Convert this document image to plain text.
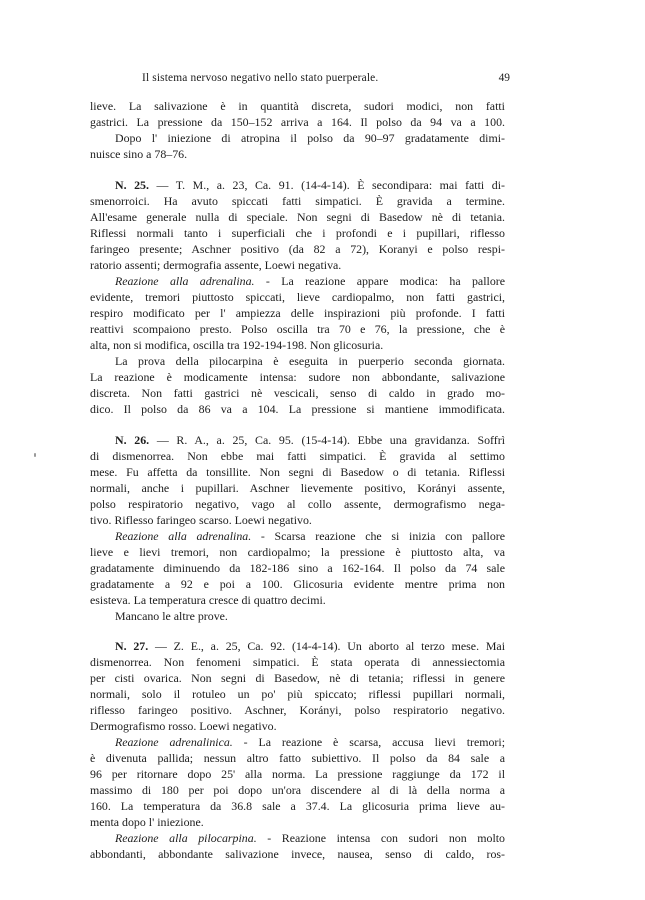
Il sistema nervoso negativo nello stato puerperale.	49
lieve. La salivazione è in quantità discreta, sudori modici, non fatti
gastrici. La pressione da 150–152 arriva a 164. Il polso da 94 va a 100.
Dopo l' iniezione di atropina il polso da 90–97 gradatamente dimi-
nuisce sino a 78–76.
N. 25. — T. M., a. 23, Ca. 91. (14-4-14). È secondipara: mai fatti di-
smenorroici. Ha avuto spiccati fatti simpatici. È gravida a termine.
All'esame generale nulla di speciale. Non segni di Basedow nè di tetania.
Riflessi normali tanto i superficiali che i profondi e i pupillari, riflesso
faringeo presente; Aschner positivo (da 82 a 72), Koranyi e polso respi-
ratorio assenti; dermografia assente, Loewi negativa.
Reazione alla adrenalina. - La reazione appare modica: ha pallore
evidente, tremori piuttosto spiccati, lieve cardiopalmo, non fatti gastrici,
respiro modificato per l' ampiezza delle inspirazioni più profonde. I fatti
reattivi scompaiono presto. Polso oscilla tra 70 e 76, la pressione, che è
alta, non si modifica, oscilla tra 192-194-198. Non glicosuria.
La prova della pilocarpina è eseguita in puerperio seconda giornata.
La reazione è modicamente intensa: sudore non abbondante, salivazione
discreta. Non fatti gastrici nè vescicali, senso di caldo in grado mo-
dico. Il polso da 86 va a 104. La pressione si mantiene immodificata.
N. 26. — R. A., a. 25, Ca. 95. (15-4-14). Ebbe una gravidanza. Soffrì
di dismenorrea. Non ebbe mai fatti simpatici. È gravida al settimo
mese. Fu affetta da tonsillite. Non segni di Basedow o di tetania. Riflessi
normali, anche i pupillari. Aschner lievemente positivo, Korányi assente,
polso respiratorio negativo, vago al collo assente, dermografismo nega-
tivo. Riflesso faringeo scarso. Loewi negativo.
Reazione alla adrenalina. - Scarsa reazione che si inizia con pallore
lieve e lievi tremori, non cardiopalmo; la pressione è piuttosto alta, va
gradatamente diminuendo da 182-186 sino a 162-164. Il polso da 74 sale
gradatamente a 92 e poi a 100. Glicosuria evidente mentre prima non
esisteva. La temperatura cresce di quattro decimi.
Mancano le altre prove.
N. 27. — Z. E., a. 25, Ca. 92. (14-4-14). Un aborto al terzo mese. Mai
dismenorrea. Non fenomeni simpatici. È stata operata di annessiectomia
per cisti ovarica. Non segni di Basedow, nè di tetania; riflessi in genere
normali, solo il rotuleo un po' più spiccato; riflessi pupillari normali,
riflesso faringeo positivo. Aschner, Korányi, polso respiratorio negativo.
Dermografismo rosso. Loewi negativo.
Reazione adrenalinica. - La reazione è scarsa, accusa lievi tremori;
è divenuta pallida; nessun altro fatto subiettivo. Il polso da 84 sale a
96 per ritornare dopo 25' alla norma. La pressione raggiunge da 172 il
massimo di 180 per poi dopo un'ora discendere al di là della norma a
160. La temperatura da 36.8 sale a 37.4. La glicosuria prima lieve au-
menta dopo l' iniezione.
Reazione alla pilocarpina. - Reazione intensa con sudori non molto
abbondanti, abbondante salivazione invece, nausea, senso di caldo, ros-
